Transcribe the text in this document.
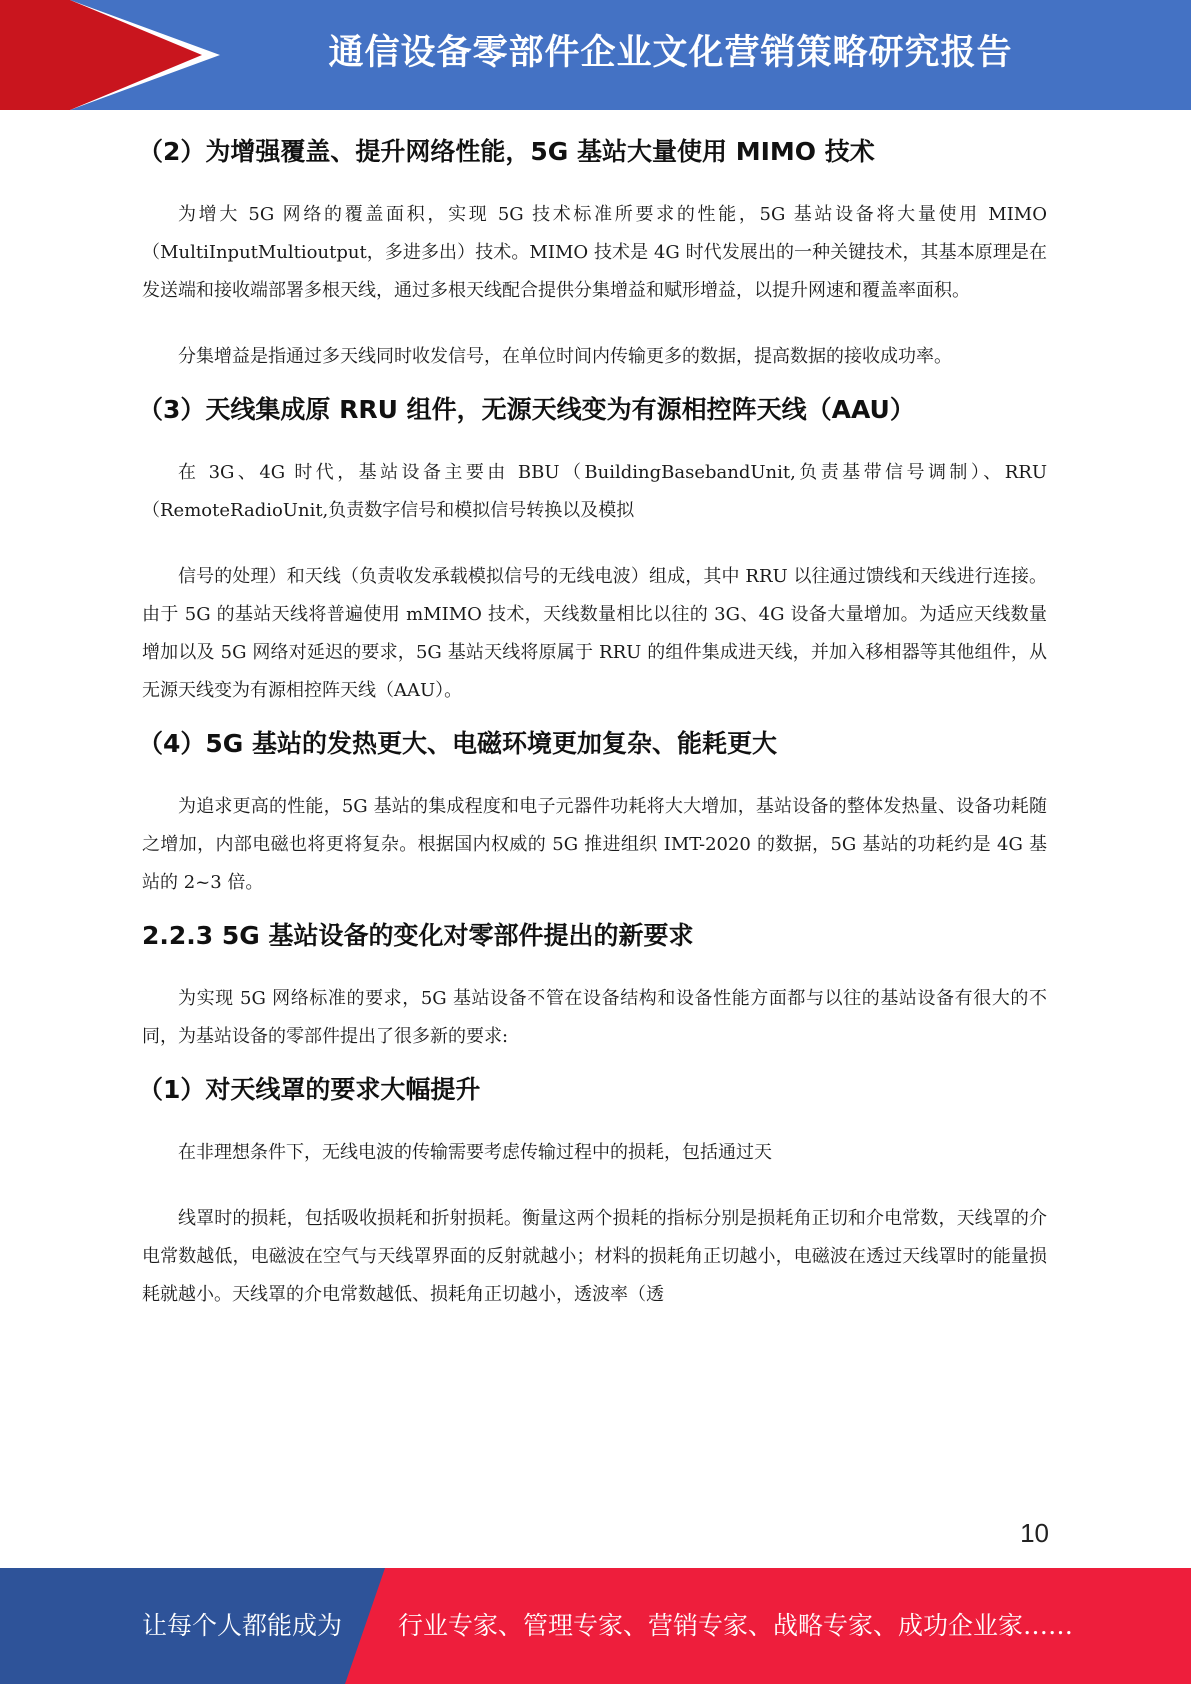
通信设备零部件企业文化营销策略研究报告
（2）为增强覆盖、提升网络性能，5G 基站大量使用 MIMO 技术

为增大 5G 网络的覆盖面积，实现 5G 技术标准所要求的性能，5G 基站设备将大量使用 MIMO （MultiInputMultioutput，多进多出）技术。MIMO 技术是 4G 时代发展出的一种关键技术，其基本原理是在发送端和接收端部署多根天线，通过多根天线配合提供分集增益和赋形增益，以提升网速和覆盖率面积。

分集增益是指通过多天线同时收发信号，在单位时间内传输更多的数据，提高数据的接收成功率。

（3）天线集成原 RRU 组件，无源天线变为有源相控阵天线（AAU）

在 3G、4G 时代，基站设备主要由 BBU（BuildingBasebandUnit,负责基带信号调制）、RRU （RemoteRadioUnit,负责数字信号和模拟信号转换以及模拟

信号的处理）和天线（负责收发承载模拟信号的无线电波）组成，其中 RRU 以往通过馈线和天线进行连接。由于 5G 的基站天线将普遍使用 mMIMO 技术，天线数量相比以往的 3G、4G 设备大量增加。为适应天线数量增加以及 5G 网络对延迟的要求，5G 基站天线将原属于 RRU 的组件集成进天线，并加入移相器等其他组件，从无源天线变为有源相控阵天线（AAU）。

（4）5G 基站的发热更大、电磁环境更加复杂、能耗更大

为追求更高的性能，5G 基站的集成程度和电子元器件功耗将大大增加，基站设备的整体发热量、设备功耗随之增加，内部电磁也将更将复杂。根据国内权威的 5G 推进组织 IMT-2020 的数据，5G 基站的功耗约是 4G 基站的 2~3 倍。

2.2.3 5G 基站设备的变化对零部件提出的新要求

为实现 5G 网络标准的要求，5G 基站设备不管在设备结构和设备性能方面都与以往的基站设备有很大的不同，为基站设备的零部件提出了很多新的要求:

（1）对天线罩的要求大幅提升

在非理想条件下，无线电波的传输需要考虑传输过程中的损耗，包括通过天

线罩时的损耗，包括吸收损耗和折射损耗。衡量这两个损耗的指标分别是损耗角正切和介电常数，天线罩的介电常数越低，电磁波在空气与天线罩界面的反射就越小；材料的损耗角正切越小，电磁波在透过天线罩时的能量损耗就越小。天线罩的介电常数越低、损耗角正切越小，透波率（透

10
让每个人都能成为 行业专家、管理专家、营销专家、战略专家、成功企业家……
